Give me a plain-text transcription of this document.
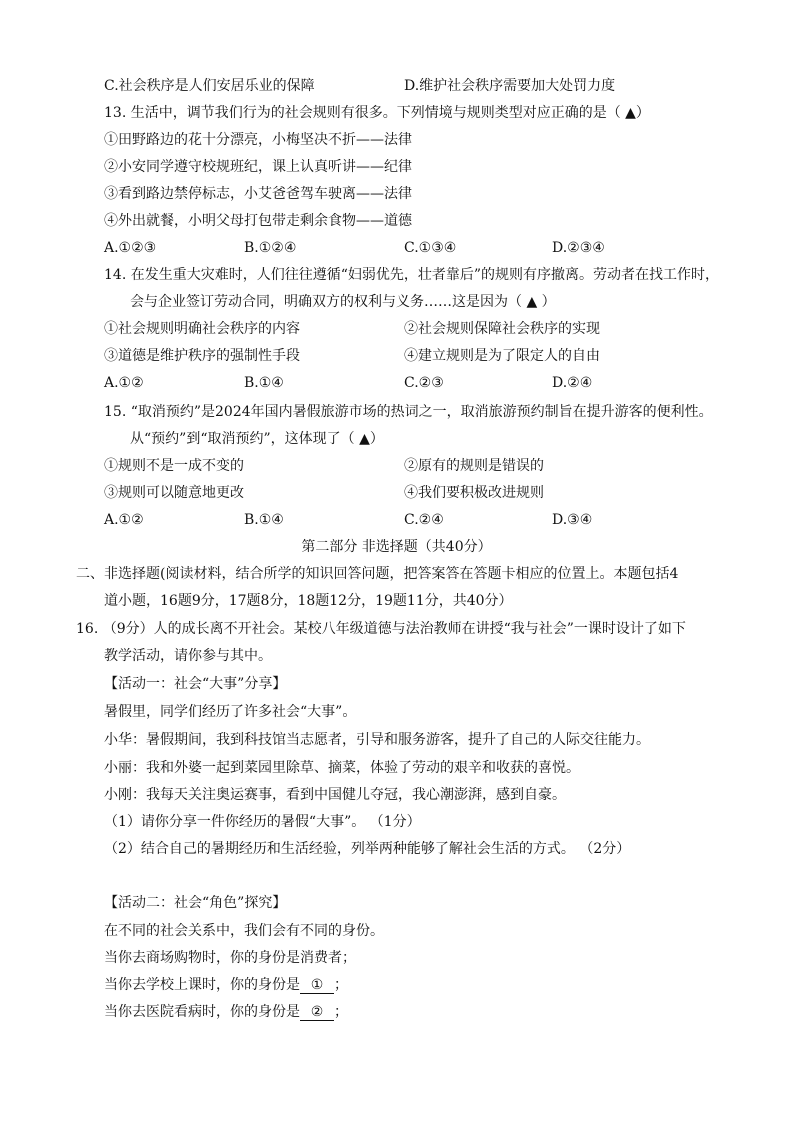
C.社会秩序是人们安居乐业的保障	D.维护社会秩序需要加大处罚力度
13. 生活中，调节我们行为的社会规则有很多。下列情境与规则类型对应正确的是（ ▲）
①田野路边的花十分漂亮，小梅坚决不折——法律
②小安同学遵守校规班纪，课上认真听讲——纪律
③看到路边禁停标志，小艾爸爸驾车驶离——法律
④外出就餐，小明父母打包带走剩余食物——道德
A.①②③	B.①②④	C.①③④	D.②③④
14. 在发生重大灾难时，人们往往遵循“妇弱优先，壮者靠后”的规则有序撤离。劳动者在找工作时，
会与企业签订劳动合同，明确双方的权利与义务……这是因为（ ▲ ）
①社会规则明确社会秩序的内容	②社会规则保障社会秩序的实现
③道德是维护秩序的强制性手段	④建立规则是为了限定人的自由
A.①②	B.①④	C.②③	D.②④
15. “取消预约”是2024年国内暑假旅游市场的热词之一，取消旅游预约制旨在提升游客的便利性。
从“预约”到“取消预约”，这体现了（ ▲）
①规则不是一成不变的	②原有的规则是错误的
③规则可以随意地更改	④我们要积极改进规则
A.①②	B.①④	C.②④	D.③④
第二部分 非选择题（共40分）
二、非选择题(阅读材料，结合所学的知识回答问题，把答案答在答题卡相应的位置上。本题包括4
道小题，16题9分，17题8分，18题12分，19题11分，共40分）
16. （9分）人的成长离不开社会。某校八年级道德与法治教师在讲授“我与社会”一课时设计了如下
教学活动，请你参与其中。
【活动一：社会“大事”分享】
暑假里，同学们经历了许多社会“大事”。
小华：暑假期间，我到科技馆当志愿者，引导和服务游客，提升了自己的人际交往能力。
小丽：我和外婆一起到菜园里除草、摘菜，体验了劳动的艰辛和收获的喜悦。
小刚：我每天关注奥运赛事，看到中国健儿夺冠，我心潮澎湃，感到自豪。
（1）请你分享一件你经历的暑假“大事”。 （1分）
（2）结合自己的暑期经历和生活经验，列举两种能够了解社会生活的方式。 （2分）
【活动二：社会“角色”探究】
在不同的社会关系中，我们会有不同的身份。
当你去商场购物时，你的身份是消费者；
当你去学校上课时，你的身份是 ① ；
当你去医院看病时，你的身份是 ② ；
